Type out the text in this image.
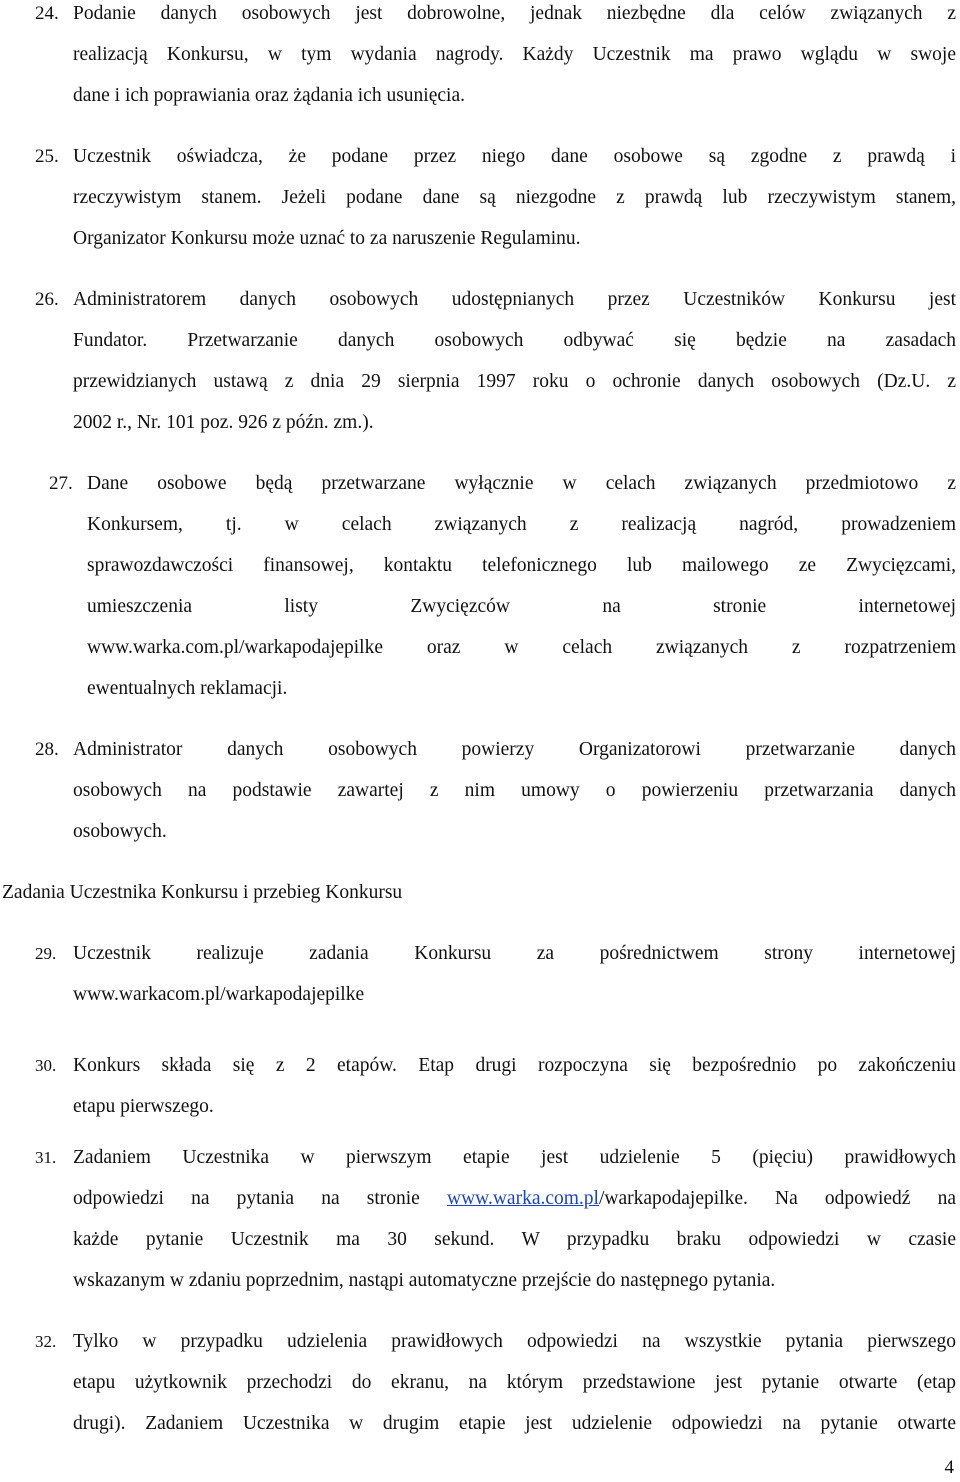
24. Podanie danych osobowych jest dobrowolne, jednak niezbędne dla celów związanych z
realizacją Konkursu, w tym wydania nagrody. Każdy Uczestnik ma prawo wglądu w swoje
dane i ich poprawiania oraz żądania ich usunięcia.
25. Uczestnik oświadcza, że podane przez niego dane osobowe są zgodne z prawdą i
rzeczywistym stanem. Jeżeli podane dane są niezgodne z prawdą lub rzeczywistym stanem,
Organizator Konkursu może uznać to za naruszenie Regulaminu.
26. Administratorem danych osobowych udostępnianych przez Uczestników Konkursu jest
Fundator. Przetwarzanie danych osobowych odbywać się będzie na zasadach
przewidzianych ustawą z dnia 29 sierpnia 1997 roku o ochronie danych osobowych (Dz.U. z
2002 r., Nr. 101 poz. 926 z późn. zm.).
27. Dane osobowe będą przetwarzane wyłącznie w celach związanych przedmiotowo z
Konkursem, tj. w celach związanych z realizacją nagród, prowadzeniem
sprawozdawczości finansowej, kontaktu telefonicznego lub mailowego ze Zwycięzcami,
umieszczenia listy Zwycięzców na stronie internetowej
www.warka.com.pl/warkapodajepilke oraz w celach związanych z rozpatrzeniem
ewentualnych reklamacji.
28. Administrator danych osobowych powierzy Organizatorowi przetwarzanie danych
osobowych na podstawie zawartej z nim umowy o powierzeniu przetwarzania danych
osobowych.
Zadania Uczestnika Konkursu i przebieg Konkursu
29. Uczestnik realizuje zadania Konkursu za pośrednictwem strony internetowej
www.warkacom.pl/warkapodajepilke
30. Konkurs składa się z 2 etapów. Etap drugi rozpoczyna się bezpośrednio po zakończeniu
etapu pierwszego.
31. Zadaniem Uczestnika w pierwszym etapie jest udzielenie 5 (pięciu) prawidłowych
odpowiedzi na pytania na stronie www.warka.com.pl/warkapodajepilke. Na odpowiedź na
każde pytanie Uczestnik ma 30 sekund. W przypadku braku odpowiedzi w czasie
wskazanym w zdaniu poprzednim, nastąpi automatyczne przejście do następnego pytania.
32. Tylko w przypadku udzielenia prawidłowych odpowiedzi na wszystkie pytania pierwszego
etapu użytkownik przechodzi do ekranu, na którym przedstawione jest pytanie otwarte (etap
drugi). Zadaniem Uczestnika w drugim etapie jest udzielenie odpowiedzi na pytanie otwarte
4
